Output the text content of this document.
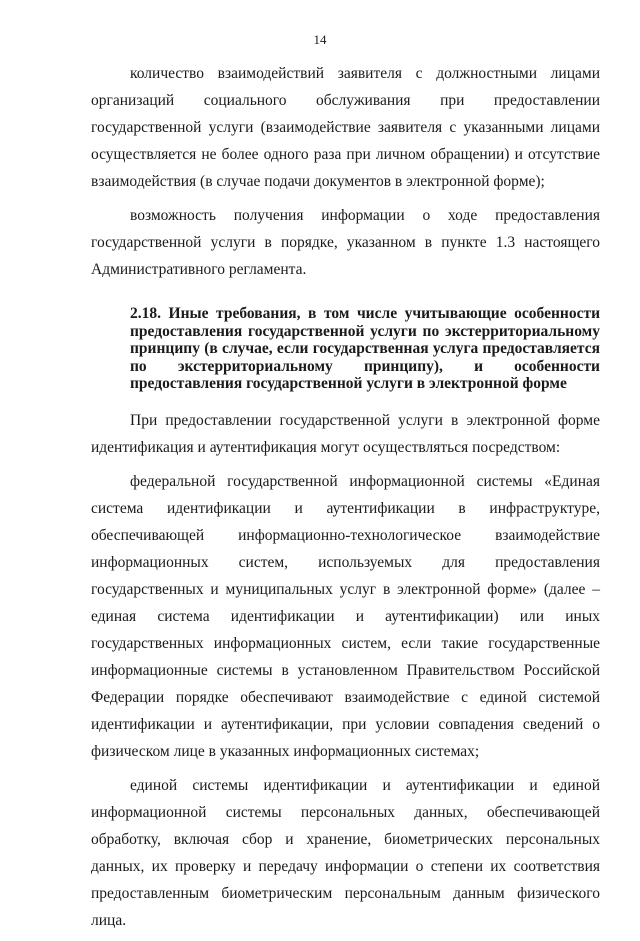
14

количество взаимодействий заявителя с должностными лицами организаций социального обслуживания при предоставлении государственной услуги (взаимодействие заявителя с указанными лицами осуществляется не более одного раза при личном обращении) и отсутствие взаимодействия (в случае подачи документов в электронной форме);

возможность получения информации о ходе предоставления государственной услуги в порядке, указанном в пункте 1.3 настоящего Административного регламента.

2.18. Иные требования, в том числе учитывающие особенности предоставления государственной услуги по экстерриториальному принципу (в случае, если государственная услуга предоставляется по экстерриториальному принципу), и особенности предоставления государственной услуги в электронной форме

При предоставлении государственной услуги в электронной форме идентификация и аутентификация могут осуществляться посредством:

федеральной государственной информационной системы «Единая система идентификации и аутентификации в инфраструктуре, обеспечивающей информационно-технологическое взаимодействие информационных систем, используемых для предоставления государственных и муниципальных услуг в электронной форме» (далее – единая система идентификации и аутентификации) или иных государственных информационных систем, если такие государственные информационные системы в установленном Правительством Российской Федерации порядке обеспечивают взаимодействие с единой системой идентификации и аутентификации, при условии совпадения сведений о физическом лице в указанных информационных системах;

единой системы идентификации и аутентификации и единой информационной системы персональных данных, обеспечивающей обработку, включая сбор и хранение, биометрических персональных данных, их проверку и передачу информации о степени их соответствия предоставленным биометрическим персональным данным физического лица.
